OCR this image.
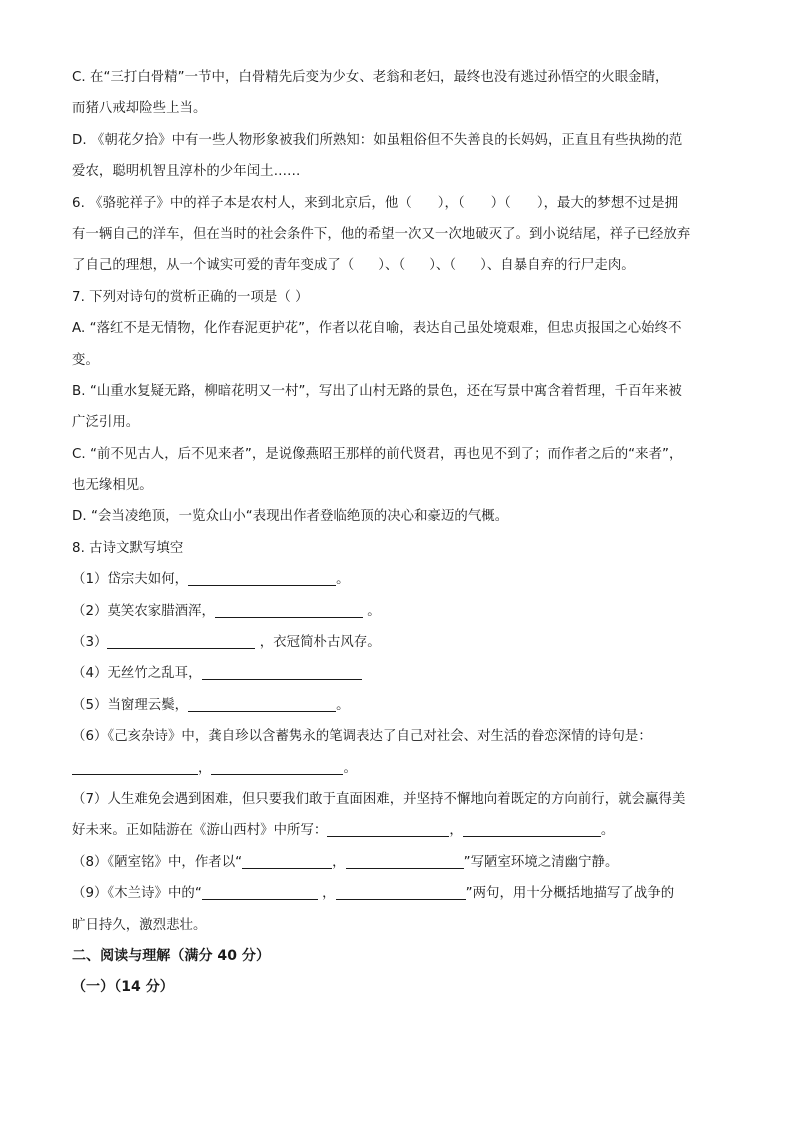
C. 在“三打白骨精”一节中，白骨精先后变为少女、老翁和老妇，最终也没有逃过孙悟空的火眼金睛，
而猪八戒却险些上当。
D. 《朝花夕拾》中有一些人物形象被我们所熟知：如虽粗俗但不失善良的长妈妈，正直且有些执拗的范
爱农，聪明机智且淳朴的少年闰土……
6. 《骆驼祥子》中的祥子本是农村人，来到北京后，他（ ），（ ）（ ），最大的梦想不过是拥
有一辆自己的洋车，但在当时的社会条件下，他的希望一次又一次地破灭了。到小说结尾，祥子已经放弃
了自己的理想，从一个诚实可爱的青年变成了（ ）、（ ）、（ ）、自暴自弃的行尸走肉。
7. 下列对诗句的赏析正确的一项是（ ）
A. “落红不是无情物，化作春泥更护花”，作者以花自喻，表达自己虽处境艰难，但忠贞报国之心始终不
变。
B. “山重水复疑无路，柳暗花明又一村”，写出了山村无路的景色，还在写景中寓含着哲理，千百年来被
广泛引用。
C. “前不见古人，后不见来者”，是说像燕昭王那样的前代贤君，再也见不到了；而作者之后的“来者”，
也无缘相见。
D. “会当凌绝顶，一览众山小“表现出作者登临绝顶的决心和豪迈的气概。
8. 古诗文默写填空
（1）岱宗夫如何，	。
（2）莫笑农家腊酒浑，	。
（3）	，衣冠简朴古风存。
（4）无丝竹之乱耳，
（5）当窗理云鬓，	。
（6）《己亥杂诗》中，龚自珍以含蓄隽永的笔调表达了自己对社会、对生活的眷恋深情的诗句是：
，	。
（7）人生难免会遇到困难，但只要我们敢于直面困难，并坚持不懈地向着既定的方向前行，就会赢得美
好未来。正如陆游在《游山西村》中所写：	，	。
（8）《陋室铭》中，作者以“	，	”写陋室环境之清幽宁静。
（9）《木兰诗》中的“	，	”两句，用十分概括地描写了战争的
旷日持久，激烈悲壮。
二、阅读与理解（满分 40 分）
（一）（14 分）
